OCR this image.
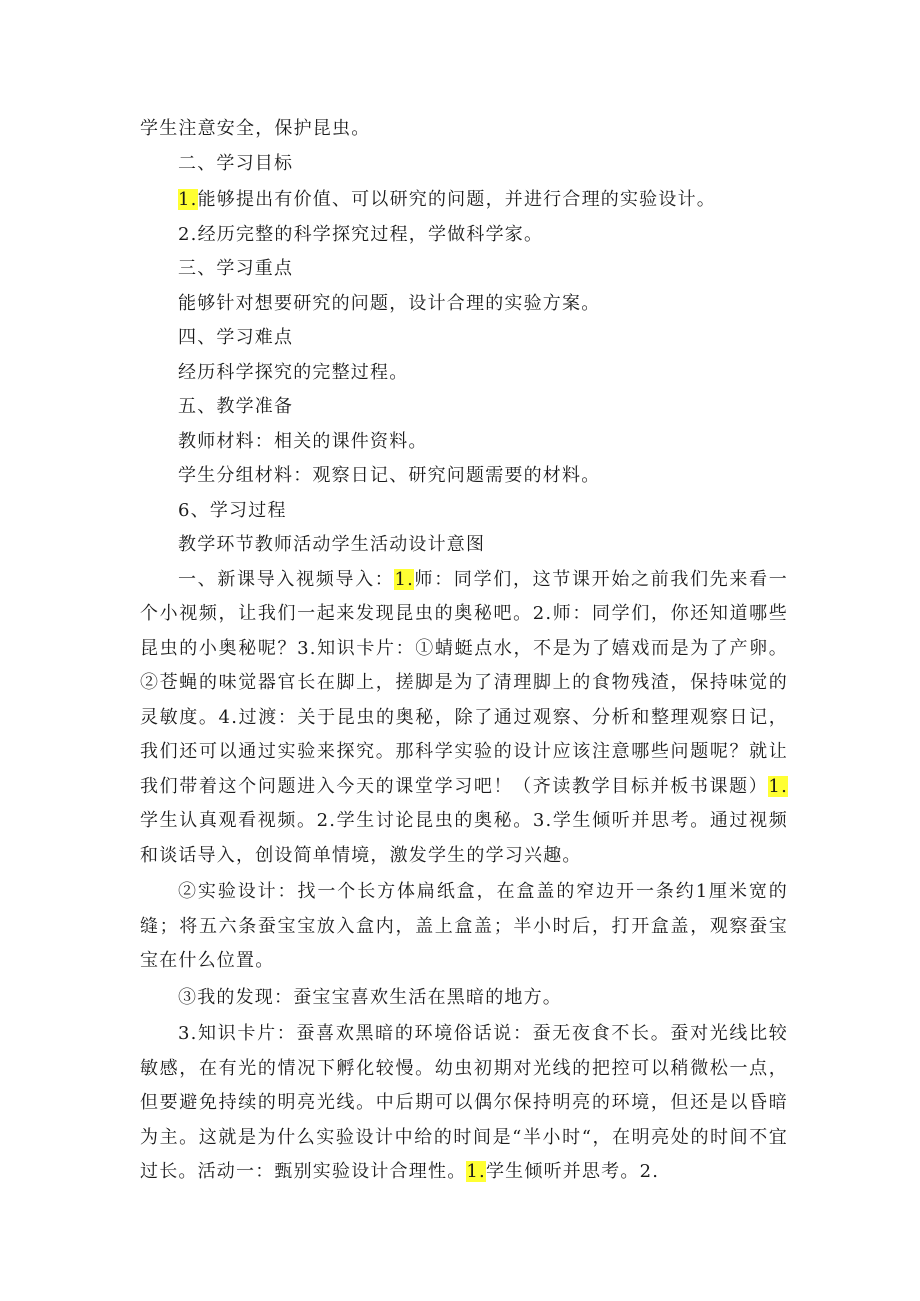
学生注意安全，保护昆虫。

二、学习目标

1.能够提出有价值、可以研究的问题，并进行合理的实验设计。

2.经历完整的科学探究过程，学做科学家。

三、学习重点

能够针对想要研究的问题，设计合理的实验方案。

四、学习难点

经历科学探究的完整过程。

五、教学准备

教师材料：相关的课件资料。

学生分组材料：观察日记、研究问题需要的材料。

6、学习过程

教学环节教师活动学生活动设计意图

一、新课导入视频导入：1.师：同学们，这节课开始之前我们先来看一个小视频，让我们一起来发现昆虫的奥秘吧。2.师：同学们，你还知道哪些昆虫的小奥秘呢？3.知识卡片：①蜻蜓点水，不是为了嬉戏而是为了产卵。②苍蝇的味觉器官长在脚上，搓脚是为了清理脚上的食物残渣，保持味觉的灵敏度。4.过渡：关于昆虫的奥秘，除了通过观察、分析和整理观察日记，我们还可以通过实验来探究。那科学实验的设计应该注意哪些问题呢？就让我们带着这个问题进入今天的课堂学习吧！（齐读教学目标并板书课题）1.学生认真观看视频。2.学生讨论昆虫的奥秘。3.学生倾听并思考。通过视频和谈话导入，创设简单情境，激发学生的学习兴趣。

②实验设计：找一个长方体扁纸盒，在盒盖的窄边开一条约1厘米宽的缝；将五六条蚕宝宝放入盒内，盖上盒盖；半小时后，打开盒盖，观察蚕宝宝在什么位置。

③我的发现：蚕宝宝喜欢生活在黑暗的地方。

3.知识卡片：蚕喜欢黑暗的环境俗话说：蚕无夜食不长。蚕对光线比较敏感，在有光的情况下孵化较慢。幼虫初期对光线的把控可以稍微松一点，但要避免持续的明亮光线。中后期可以偶尔保持明亮的环境，但还是以昏暗为主。这就是为什么实验设计中给的时间是“半小时“，在明亮处的时间不宜过长。活动一：甄别实验设计合理性。1.学生倾听并思考。2.
